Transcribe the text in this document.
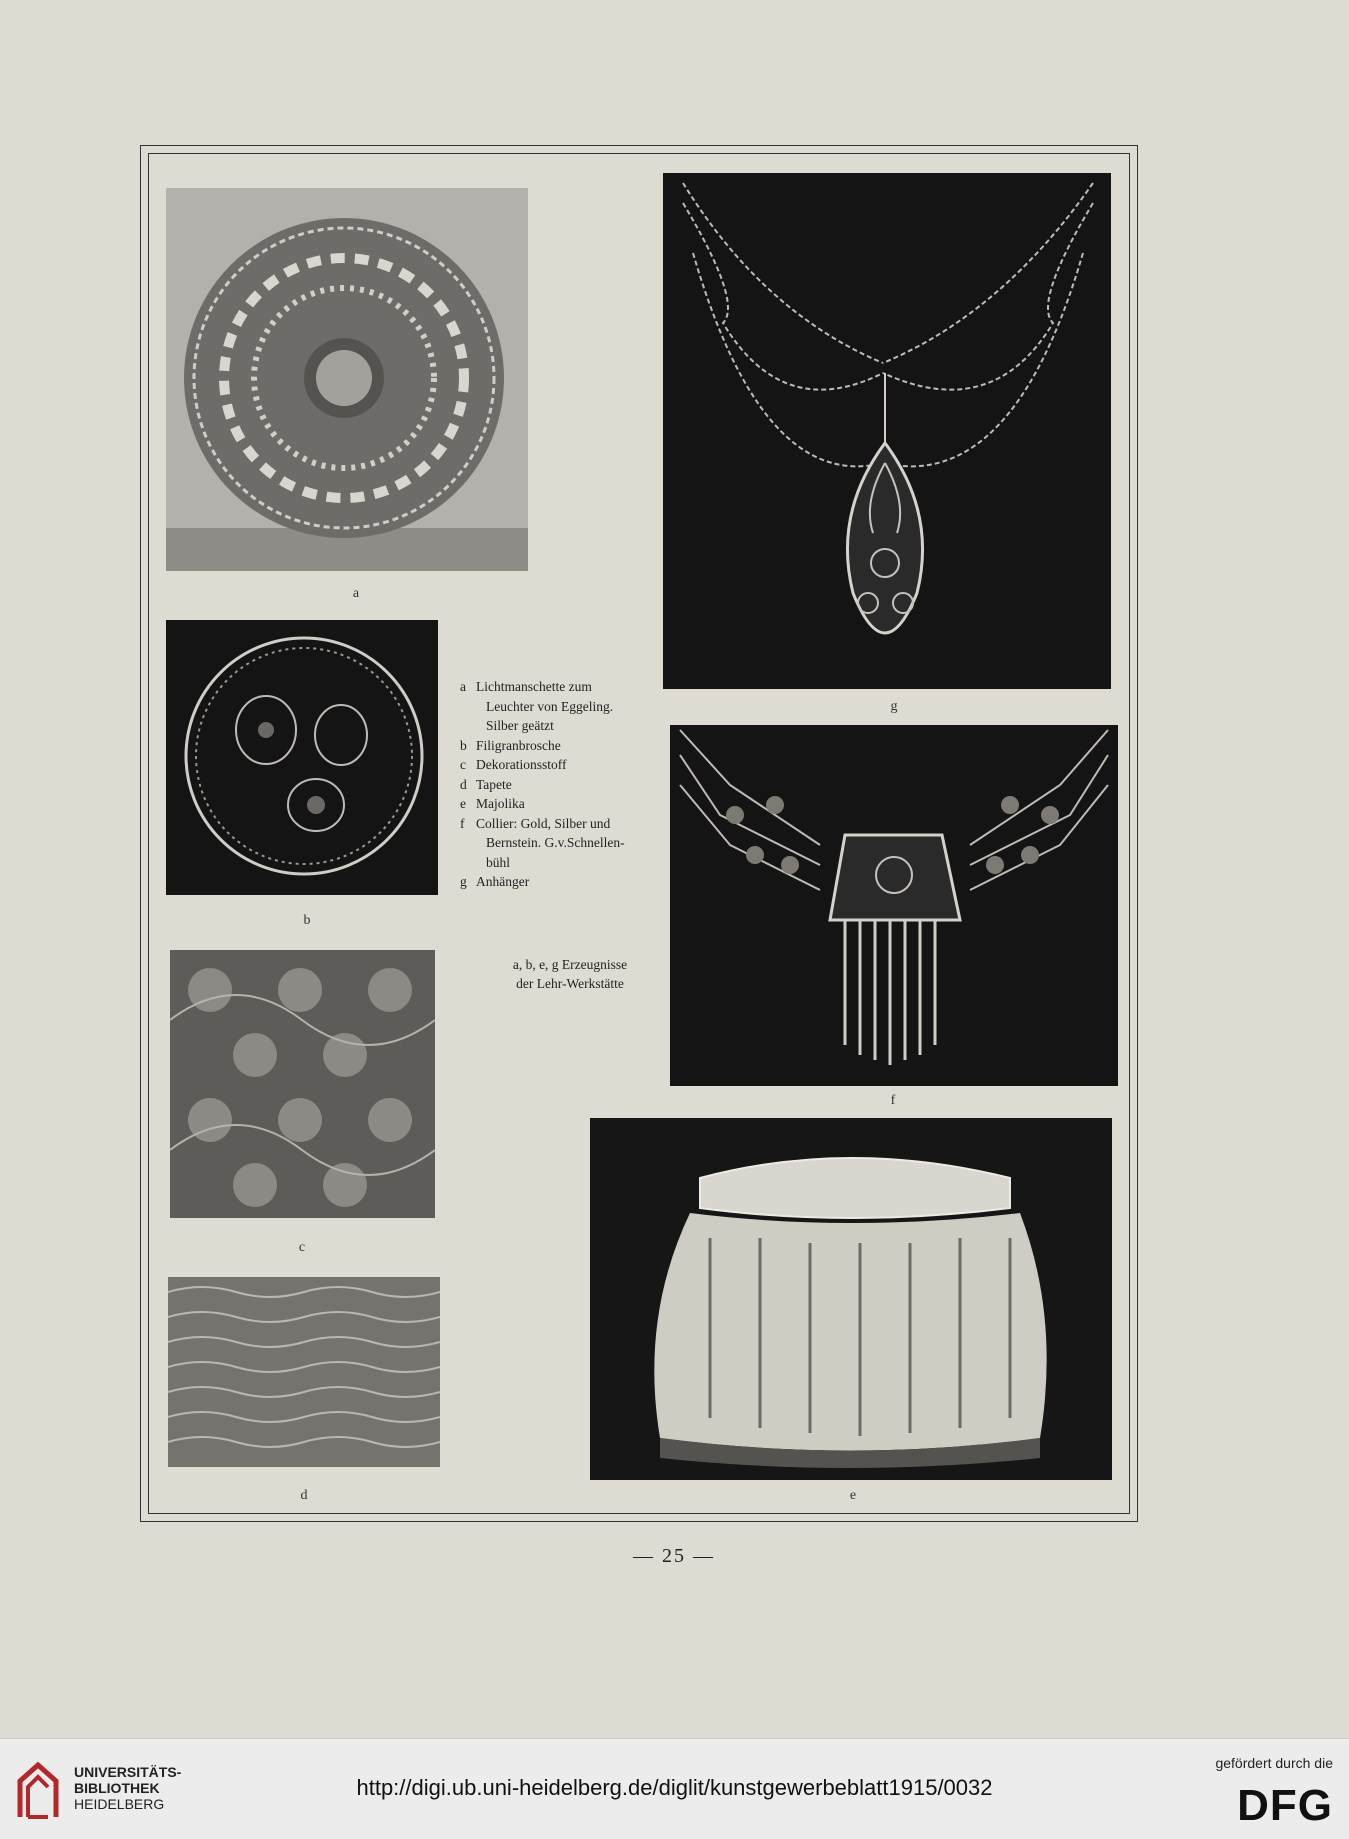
a
b
c
d
g
f
e
a Lichtmanschette zum
Leuchter von Eggeling.
Silber geätzt
b Filigranbrosche
c Dekorationsstoff
d Tapete
e Majolika
f Collier: Gold, Silber und
Bernstein. G.v.Schnellen-
bühl
g Anhänger
a, b, e, g Erzeugnisse
der Lehr-Werkstätte
— 25 —
UNIVERSITÄTS-
BIBLIOTHEK
HEIDELBERG
http://digi.ub.uni-heidelberg.de/diglit/kunstgewerbeblatt1915/0032
gefördert durch die
DFG
